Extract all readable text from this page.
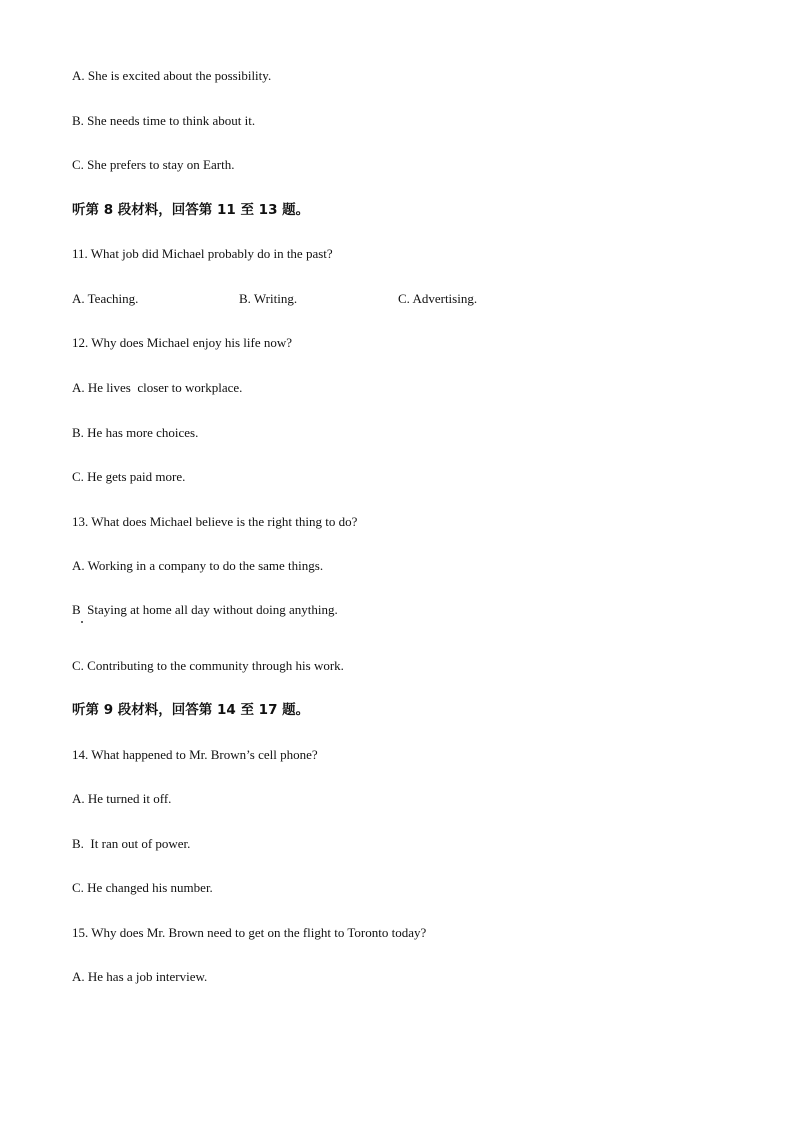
A. She is excited about the possibility.
B. She needs time to think about it.
C. She prefers to stay on Earth.
听第 8 段材料，回答第 11 至 13 题。
11. What job did Michael probably do in the past?

A. Teaching.

	B. Writing.

	C. Advertising.

12. Why does Michael enjoy his life now?
A. He lives  closer to workplace.
B. He has more choices.
C. He gets paid more.
13. What does Michael believe is the right thing to do?
A. Working in a company to do the same things.
B  Staying at home all day without doing anything.
C. Contributing to the community through his work.
听第 9 段材料，回答第 14 至 17 题。
14. What happened to Mr. Brown’s cell phone?
A. He turned it off.
B.  It ran out of power.
C. He changed his number.
15. Why does Mr. Brown need to get on the flight to Toronto today?
A. He has a job interview.
